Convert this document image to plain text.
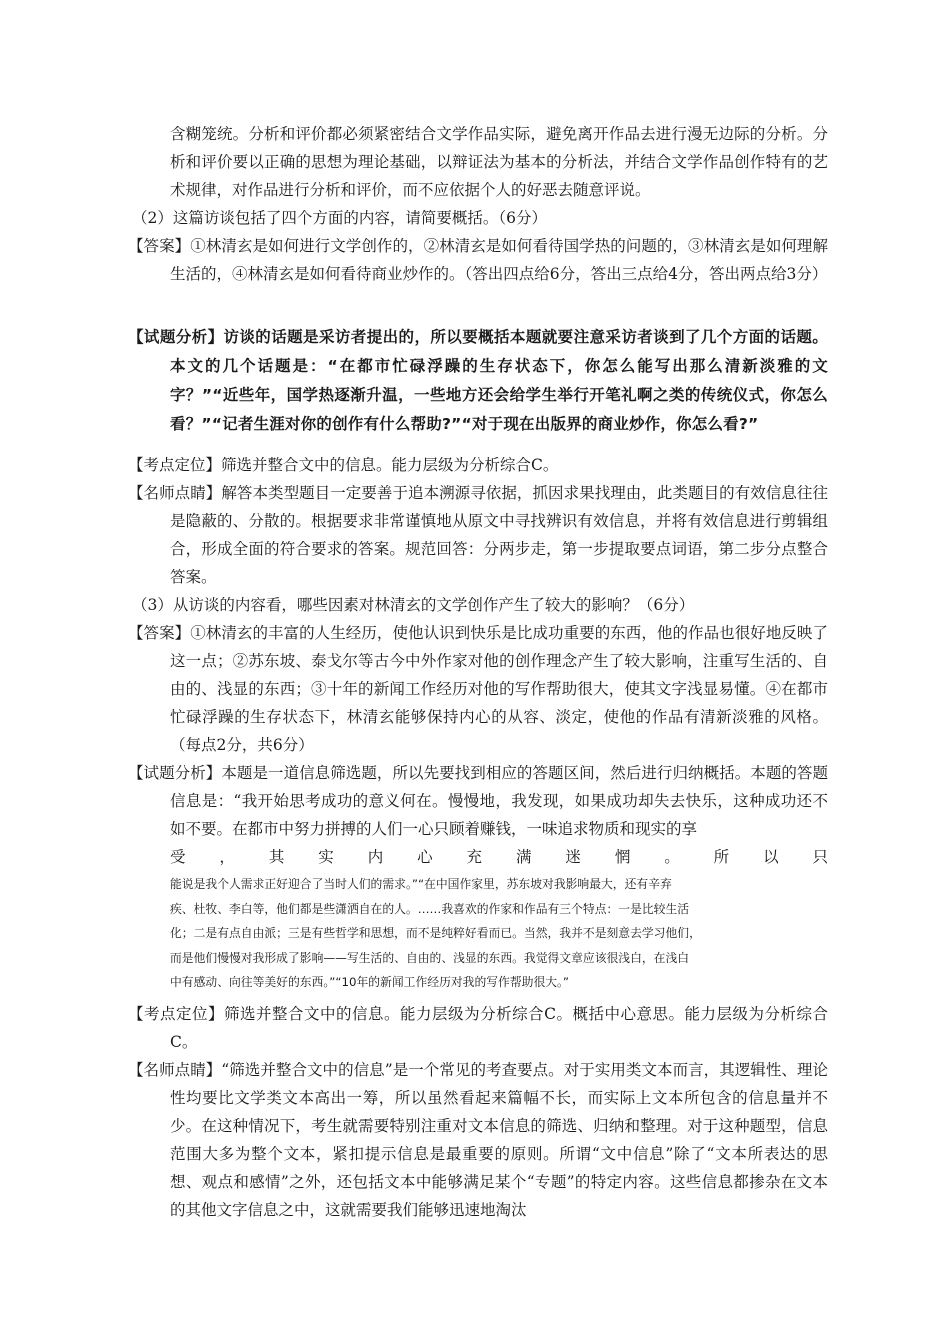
含糊笼统。分析和评价都必须紧密结合文学作品实际，避免离开作品去进行漫无边际的分析。分析和评价要以正确的思想为理论基础，以辩证法为基本的分析法，并结合文学作品创作特有的艺术规律，对作品进行分析和评价，而不应依据个人的好恶去随意评说。

（2）这篇访谈包括了四个方面的内容，请简要概括。（6分）

【答案】①林清玄是如何进行文学创作的，②林清玄是如何看待国学热的问题的，③林清玄是如何理解生活的，④林清玄是如何看待商业炒作的。（答出四点给6分，答出三点给4分，答出两点给3分）

【试题分析】访谈的话题是采访者提出的，所以要概括本题就要注意采访者谈到了几个方面的话题。本文的几个话题是：“在都市忙碌浮躁的生存状态下，你怎么能写出那么清新淡雅的文字？”“近些年，国学热逐渐升温，一些地方还会给学生举行开笔礼啊之类的传统仪式，你怎么看？”“记者生涯对你的创作有什么帮助?”“对于现在出版界的商业炒作，你怎么看?”

【考点定位】筛选并整合文中的信息。能力层级为分析综合C。

【名师点睛】解答本类型题目一定要善于追本溯源寻依据，抓因求果找理由，此类题目的有效信息往往是隐蔽的、分散的。根据要求非常谨慎地从原文中寻找辨识有效信息，并将有效信息进行剪辑组合，形成全面的符合要求的答案。规范回答：分两步走，第一步提取要点词语，第二步分点整合答案。

（3）从访谈的内容看，哪些因素对林清玄的文学创作产生了较大的影响？（6分）

【答案】①林清玄的丰富的人生经历，使他认识到快乐是比成功重要的东西，他的作品也很好地反映了这一点；②苏东坡、泰戈尔等古今中外作家对他的创作理念产生了较大影响，注重写生活的、自由的、浅显的东西；③十年的新闻工作经历对他的写作帮助很大，使其文字浅显易懂。④在都市忙碌浮躁的生存状态下，林清玄能够保持内心的从容、淡定，使他的作品有清新淡雅的风格。（每点2分，共6分）

【试题分析】本题是一道信息筛选题，所以先要找到相应的答题区间，然后进行归纳概括。本题的答题信息是：“我开始思考成功的意义何在。慢慢地，我发现，如果成功却失去快乐，这种成功还不如不要。在都市中努力拼搏的人们一心只顾着赚钱，一味追求物质和现实的享

受，其实内心充满迷惘。所以只

能说是我个人需求正好迎合了当时人们的需求。”“在中国作家里，苏东坡对我影响最大，还有辛弃

疾、杜牧、李白等，他们都是些潇洒自在的人。……我喜欢的作家和作品有三个特点：一是比较生活

化；二是有点自由派；三是有些哲学和思想，而不是纯粹好看而已。当然，我并不是刻意去学习他们，

而是他们慢慢对我形成了影响——写生活的、自由的、浅显的东西。我觉得文章应该很浅白，在浅白

中有感动、向往等美好的东西。”“10年的新闻工作经历对我的写作帮助很大。”

【考点定位】筛选并整合文中的信息。能力层级为分析综合C。概括中心意思。能力层级为分析综合C。

【名师点睛】“筛选并整合文中的信息”是一个常见的考查要点。对于实用类文本而言，其逻辑性、理论性均要比文学类文本高出一筹，所以虽然看起来篇幅不长，而实际上文本所包含的信息量并不少。在这种情况下，考生就需要特别注重对文本信息的筛选、归纳和整理。对于这种题型，信息范围大多为整个文本，紧扣提示信息是最重要的原则。所谓“文中信息”除了“文本所表达的思想、观点和感情”之外，还包括文本中能够满足某个“专题”的特定内容。这些信息都掺杂在文本的其他文字信息之中，这就需要我们能够迅速地淘汰
